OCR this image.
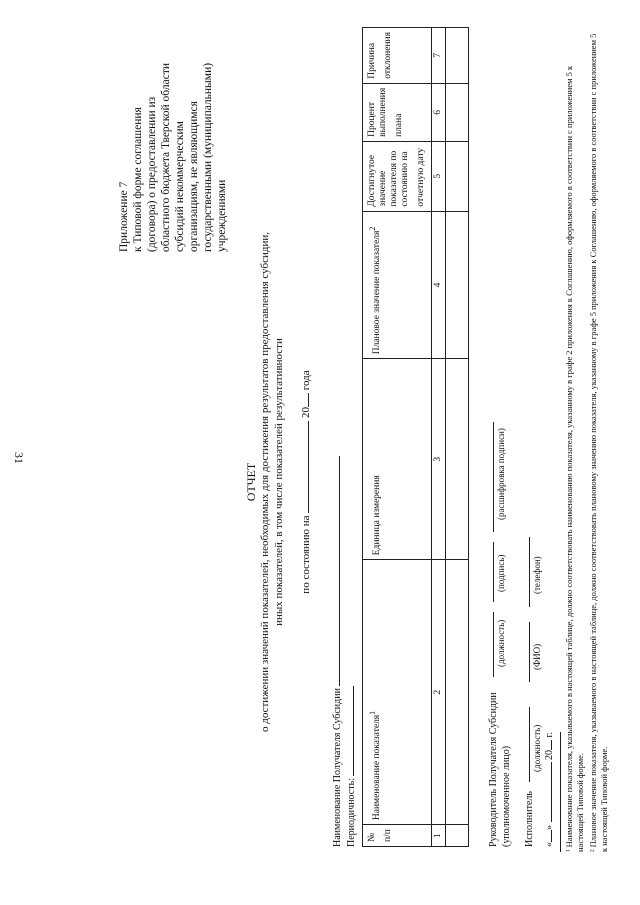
31
Приложение 7 к Типовой форме соглашения (договора) о предоставлении из областного бюджета Тверской области субсидий некоммерческим организациям, не являющимся государственными (муниципальными) учреждениями
ОТЧЕТ о достижении значений показателей, необходимых для достижения результатов предоставления субсидии, иных показателей, в том числе показателей результативности по состоянию на  20 года
Наименование Получателя Субсидии Периодичность: № п/п	Наименование показателя$^1$	Единица измерения	Плановое значение показателя$^2$	Достигнутое значение показателя по состоянию на отчетную дату	Процент выполнения плана	Причина отклонения
1	2	3	4	5	6	7

Руководитель Получателя Субсидии (уполномоченное лицо)
(должность)
(подпись)
(расшифровка подписи)
Исполнитель
(должность)
(ФИО)
(телефон)
«»  20 г. ¹ Наименование показателя, указываемого в настоящей таблице, должно соответствовать наименованию показателя, указанному в графе 2 приложения к Соглашению, оформляемого в соответствии с приложением 5 к настоящей Типовой форме. ² Плановое значение показателя, указываемого в настоящей таблице, должно соответствовать плановому значению показателя, указанному в графе 5 приложения к Соглашению, оформляемого в соответствии с приложением 5 к настоящей Типовой форме.
